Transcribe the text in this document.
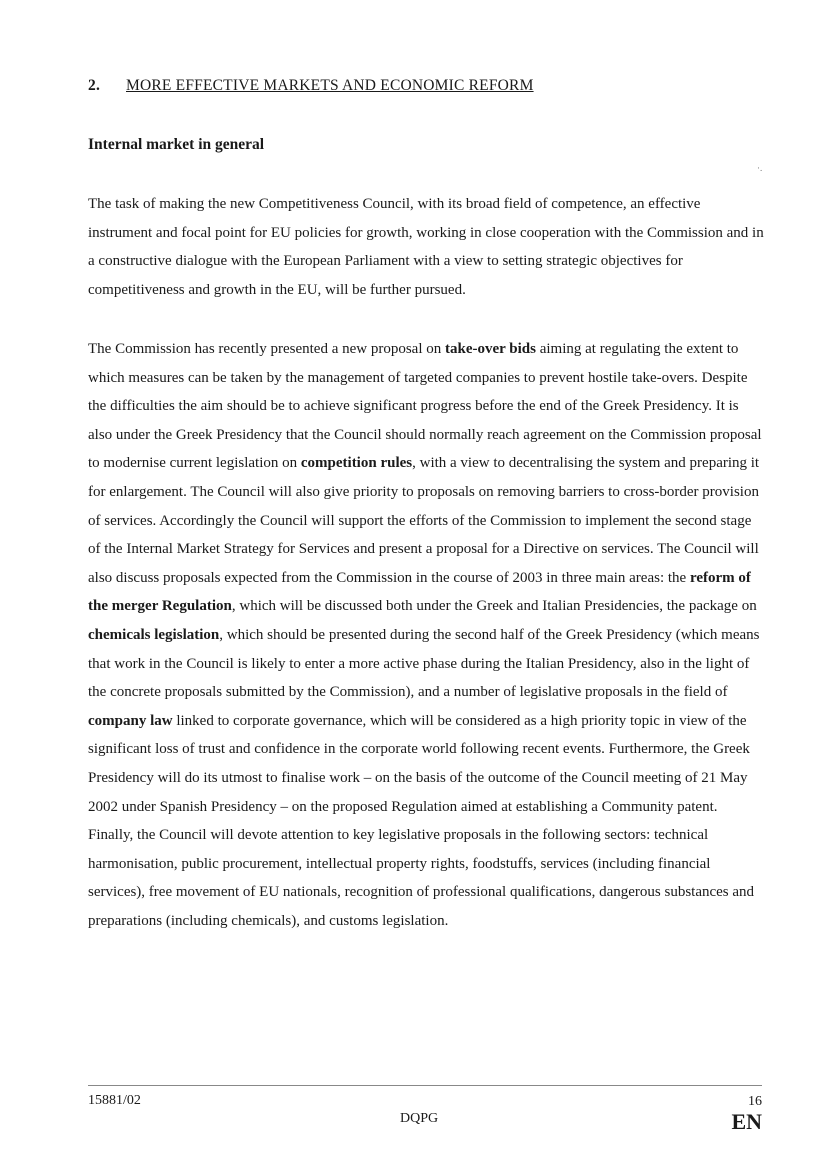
2. MORE EFFECTIVE MARKETS AND ECONOMIC REFORM
Internal market in general
·.

The task of making the new Competitiveness Council, with its broad field of competence, an effective instrument and focal point for EU policies for growth, working in close cooperation with the Commission and in a constructive dialogue with the European Parliament with a view to setting strategic objectives for competitiveness and growth in the EU, will be further pursued.

The Commission has recently presented a new proposal on take-over bids aiming at regulating the extent to which measures can be taken by the management of targeted companies to prevent hostile take-overs. Despite the difficulties the aim should be to achieve significant progress before the end of the Greek Presidency. It is also under the Greek Presidency that the Council should normally reach agreement on the Commission proposal to modernise current legislation on competition rules, with a view to decentralising the system and preparing it for enlargement. The Council will also give priority to proposals on removing barriers to cross-border provision of services. Accordingly the Council will support the efforts of the Commission to implement the second stage of the Internal Market Strategy for Services and present a proposal for a Directive on services. The Council will also discuss proposals expected from the Commission in the course of 2003 in three main areas: the reform of the merger Regulation, which will be discussed both under the Greek and Italian Presidencies, the package on chemicals legislation, which should be presented during the second half of the Greek Presidency (which means that work in the Council is likely to enter a more active phase during the Italian Presidency, also in the light of the concrete proposals submitted by the Commission), and a number of legislative proposals in the field of company law linked to corporate governance, which will be considered as a high priority topic in view of the significant loss of trust and confidence in the corporate world following recent events. Furthermore, the Greek Presidency will do its utmost to finalise work – on the basis of the outcome of the Council meeting of 21 May 2002 under Spanish Presidency – on the proposed Regulation aimed at establishing a Community patent. Finally, the Council will devote attention to key legislative proposals in the following sectors: technical harmonisation, public procurement, intellectual property rights, foodstuffs, services (including financial services), free movement of EU nationals, recognition of professional qualifications, dangerous substances and preparations (including chemicals), and customs legislation.

15881/02
DQPG
16
EN
